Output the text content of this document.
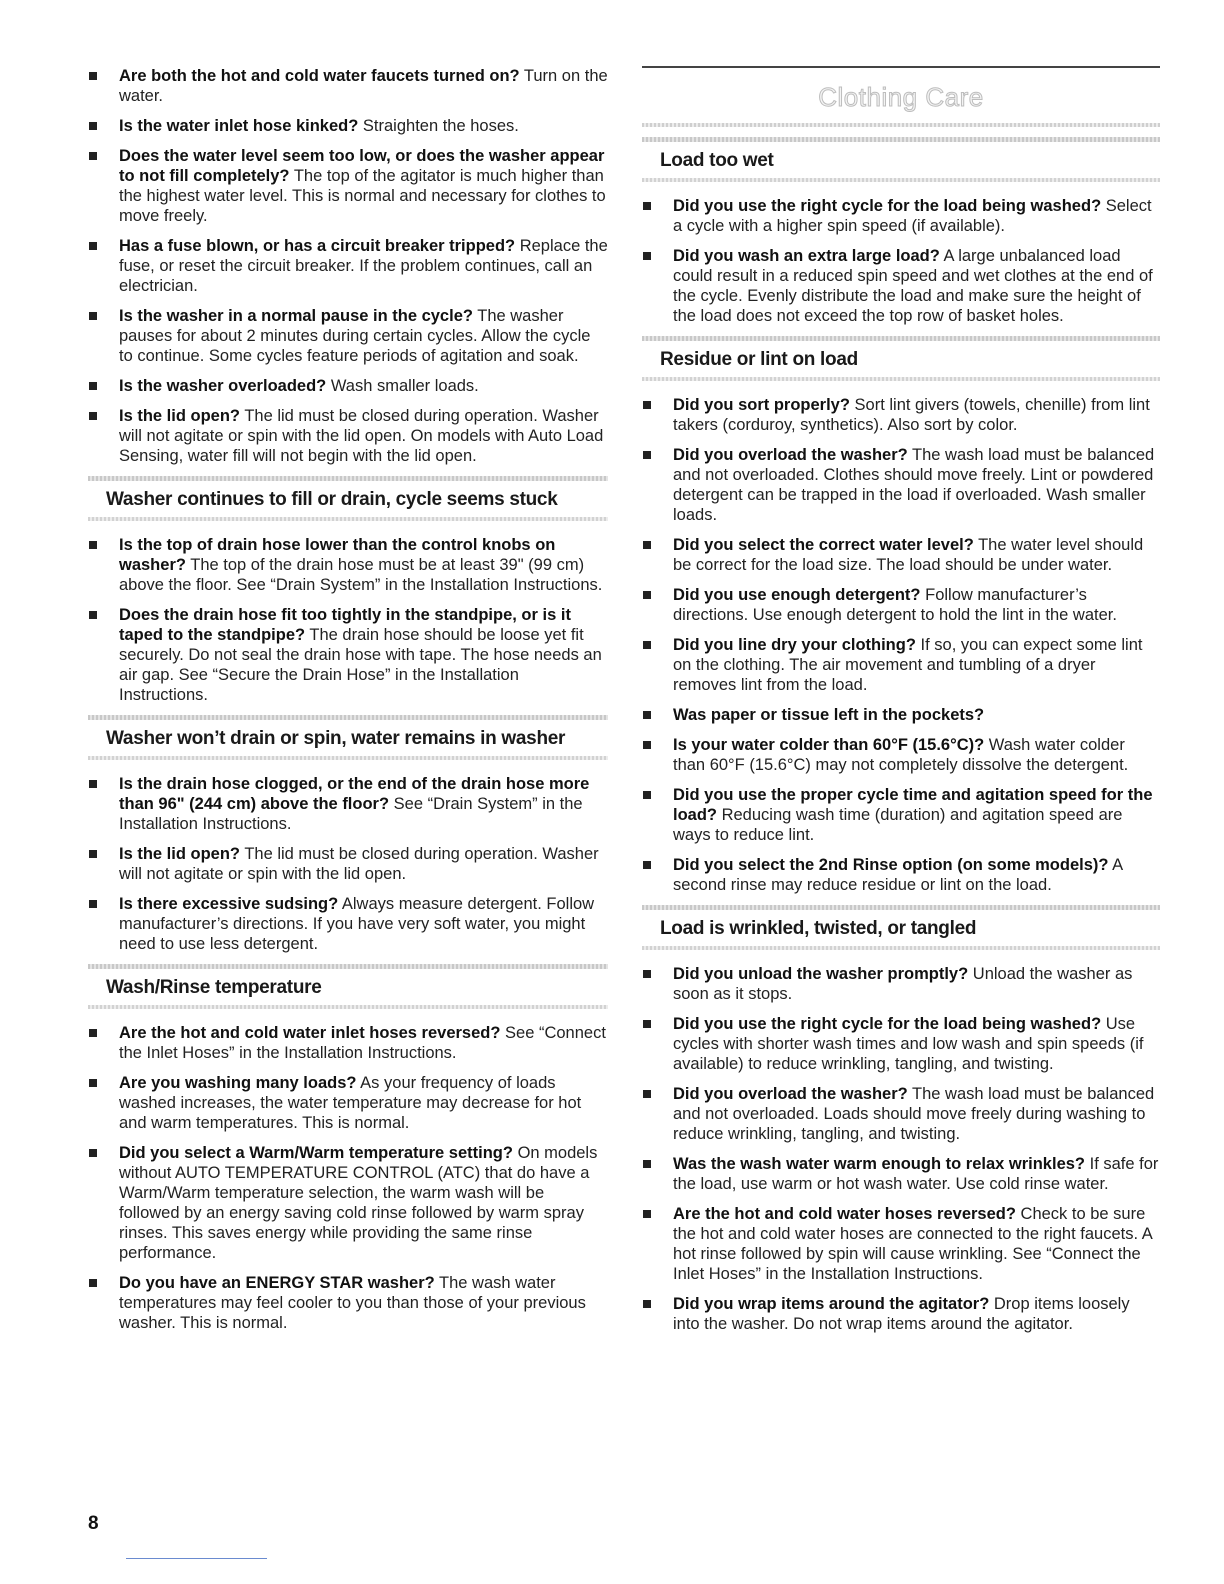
Are both the hot and cold water faucets turned on? Turn on the water.
Is the water inlet hose kinked? Straighten the hoses.
Does the water level seem too low, or does the washer appear to not fill completely? The top of the agitator is much higher than the highest water level. This is normal and necessary for clothes to move freely.
Has a fuse blown, or has a circuit breaker tripped? Replace the fuse, or reset the circuit breaker. If the problem continues, call an electrician.
Is the washer in a normal pause in the cycle? The washer pauses for about 2 minutes during certain cycles. Allow the cycle to continue. Some cycles feature periods of agitation and soak.
Is the washer overloaded? Wash smaller loads.
Is the lid open? The lid must be closed during operation. Washer will not agitate or spin with the lid open. On models with Auto Load Sensing, water fill will not begin with the lid open.
Washer continues to fill or drain, cycle seems stuck
Is the top of drain hose lower than the control knobs on washer? The top of the drain hose must be at least 39" (99 cm) above the floor. See “Drain System” in the Installation Instructions.
Does the drain hose fit too tightly in the standpipe, or is it taped to the standpipe? The drain hose should be loose yet fit securely. Do not seal the drain hose with tape. The hose needs an air gap. See “Secure the Drain Hose” in the Installation Instructions.
Washer won’t drain or spin, water remains in washer
Is the drain hose clogged, or the end of the drain hose more than 96" (244 cm) above the floor? See “Drain System” in the Installation Instructions.
Is the lid open? The lid must be closed during operation. Washer will not agitate or spin with the lid open.
Is there excessive sudsing? Always measure detergent. Follow manufacturer’s directions. If you have very soft water, you might need to use less detergent.
Wash/Rinse temperature
Are the hot and cold water inlet hoses reversed? See “Connect the Inlet Hoses” in the Installation Instructions.
Are you washing many loads? As your frequency of loads washed increases, the water temperature may decrease for hot and warm temperatures. This is normal.
Did you select a Warm/Warm temperature setting? On models without AUTO TEMPERATURE CONTROL (ATC) that do have a Warm/Warm temperature selection, the warm wash will be followed by an energy saving cold rinse followed by warm spray rinses. This saves energy while providing the same rinse performance.
Do you have an ENERGY STAR washer? The wash water temperatures may feel cooler to you than those of your previous washer. This is normal.
Clothing Care
Load too wet
Did you use the right cycle for the load being washed? Select a cycle with a higher spin speed (if available).
Did you wash an extra large load? A large unbalanced load could result in a reduced spin speed and wet clothes at the end of the cycle. Evenly distribute the load and make sure the height of the load does not exceed the top row of basket holes.
Residue or lint on load
Did you sort properly? Sort lint givers (towels, chenille) from lint takers (corduroy, synthetics). Also sort by color.
Did you overload the washer? The wash load must be balanced and not overloaded. Clothes should move freely. Lint or powdered detergent can be trapped in the load if overloaded. Wash smaller loads.
Did you select the correct water level? The water level should be correct for the load size. The load should be under water.
Did you use enough detergent? Follow manufacturer’s directions. Use enough detergent to hold the lint in the water.
Did you line dry your clothing? If so, you can expect some lint on the clothing. The air movement and tumbling of a dryer removes lint from the load.
Was paper or tissue left in the pockets?
Is your water colder than 60°F (15.6°C)? Wash water colder than 60°F (15.6°C) may not completely dissolve the detergent.
Did you use the proper cycle time and agitation speed for the load? Reducing wash time (duration) and agitation speed are ways to reduce lint.
Did you select the 2nd Rinse option (on some models)? A second rinse may reduce residue or lint on the load.
Load is wrinkled, twisted, or tangled
Did you unload the washer promptly? Unload the washer as soon as it stops.
Did you use the right cycle for the load being washed? Use cycles with shorter wash times and low wash and spin speeds (if available) to reduce wrinkling, tangling, and twisting.
Did you overload the washer? The wash load must be balanced and not overloaded. Loads should move freely during washing to reduce wrinkling, tangling, and twisting.
Was the wash water warm enough to relax wrinkles? If safe for the load, use warm or hot wash water. Use cold rinse water.
Are the hot and cold water hoses reversed? Check to be sure the hot and cold water hoses are connected to the right faucets. A hot rinse followed by spin will cause wrinkling. See “Connect the Inlet Hoses” in the Installation Instructions.
Did you wrap items around the agitator? Drop items loosely into the washer. Do not wrap items around the agitator.
8
